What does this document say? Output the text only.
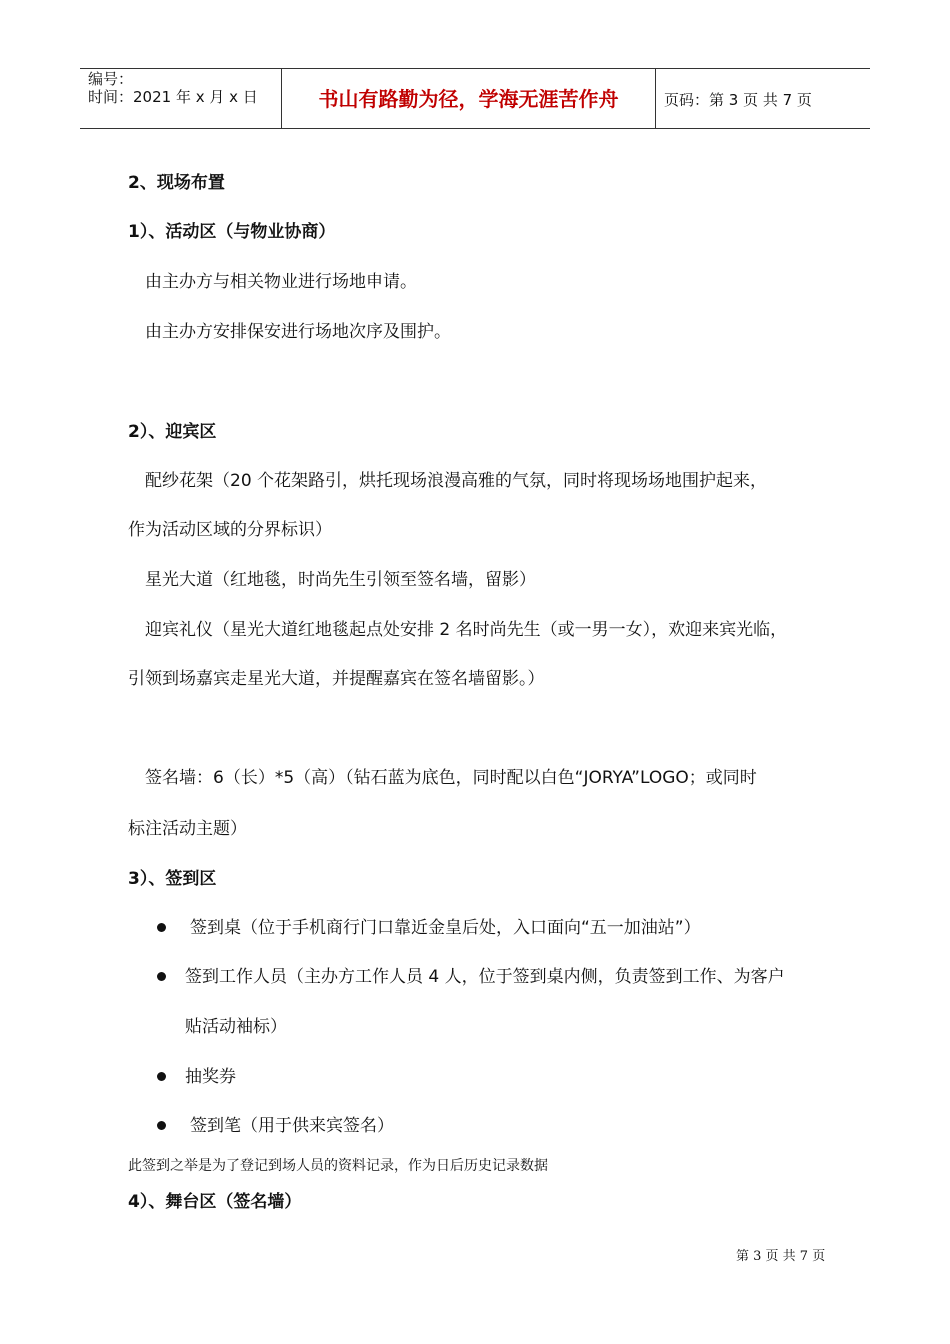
编号：
时间：2021 年 x 月 x 日	书山有路勤为径，学海无涯苦作舟	页码：第 3 页 共 7 页
2、现场布置
1）、活动区（与物业协商）
由主办方与相关物业进行场地申请。
由主办方安排保安进行场地次序及围护。
2）、迎宾区
配纱花架（20 个花架路引，烘托现场浪漫高雅的气氛，同时将现场场地围护起来，
作为活动区域的分界标识）
星光大道（红地毯，时尚先生引领至签名墙，留影）
迎宾礼仪（星光大道红地毯起点处安排 2 名时尚先生（或一男一女），欢迎来宾光临，
引领到场嘉宾走星光大道，并提醒嘉宾在签名墙留影。）
签名墙：6（长）*5（高）（钻石蓝为底色，同时配以白色“JORYA”LOGO；或同时
标注活动主题）
3）、签到区
签到桌（位于手机商行门口靠近金皇后处，入口面向“五一加油站”）
签到工作人员（主办方工作人员 4 人，位于签到桌内侧，负责签到工作、为客户
贴活动袖标）
抽奖券
签到笔（用于供来宾签名）
此签到之举是为了登记到场人员的资料记录，作为日后历史记录数据
4）、舞台区（签名墙）
第 3 页 共 7 页
